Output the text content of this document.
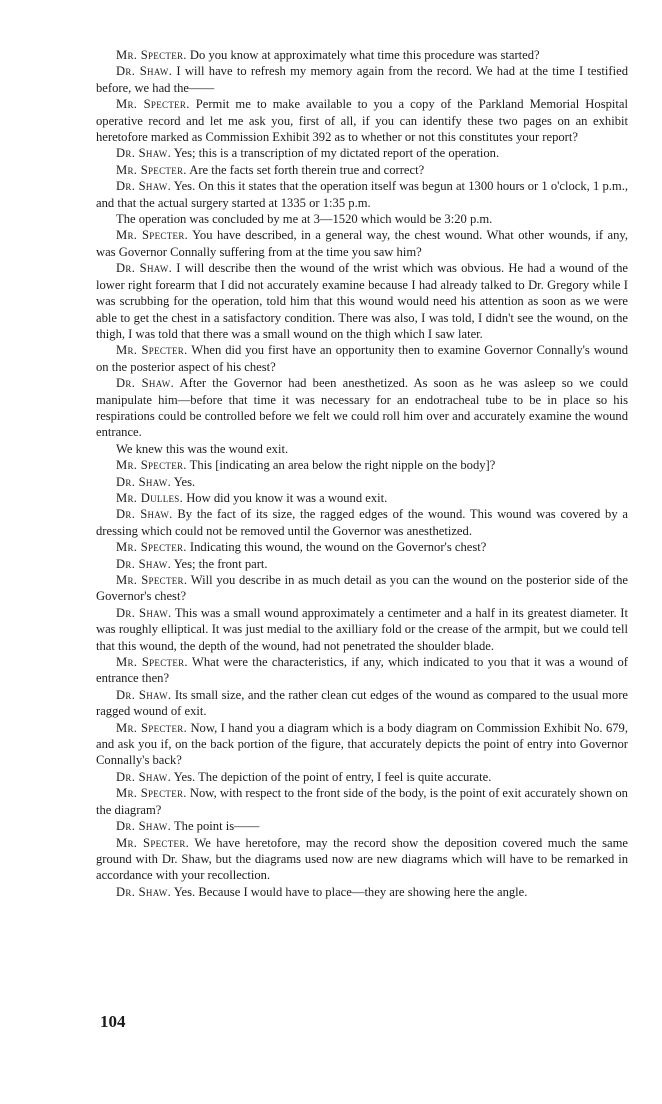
Mr. Specter. Do you know at approximately what time this procedure was started?

Dr. Shaw. I will have to refresh my memory again from the record. We had at the time I testified before, we had the——

Mr. Specter. Permit me to make available to you a copy of the Parkland Memorial Hospital operative record and let me ask you, first of all, if you can identify these two pages on an exhibit heretofore marked as Commission Exhibit 392 as to whether or not this constitutes your report?

Dr. Shaw. Yes; this is a transcription of my dictated report of the operation.

Mr. Specter. Are the facts set forth therein true and correct?

Dr. Shaw. Yes. On this it states that the operation itself was begun at 1300 hours or 1 o'clock, 1 p.m., and that the actual surgery started at 1335 or 1:35 p.m.

The operation was concluded by me at 3—1520 which would be 3:20 p.m.

Mr. Specter. You have described, in a general way, the chest wound. What other wounds, if any, was Governor Connally suffering from at the time you saw him?

Dr. Shaw. I will describe then the wound of the wrist which was obvious. He had a wound of the lower right forearm that I did not accurately examine because I had already talked to Dr. Gregory while I was scrubbing for the operation, told him that this wound would need his attention as soon as we were able to get the chest in a satisfactory condition. There was also, I was told, I didn't see the wound, on the thigh, I was told that there was a small wound on the thigh which I saw later.

Mr. Specter. When did you first have an opportunity then to examine Governor Connally's wound on the posterior aspect of his chest?

Dr. Shaw. After the Governor had been anesthetized. As soon as he was asleep so we could manipulate him—before that time it was necessary for an endotracheal tube to be in place so his respirations could be controlled before we felt we could roll him over and accurately examine the wound entrance.

We knew this was the wound exit.

Mr. Specter. This [indicating an area below the right nipple on the body]?

Dr. Shaw. Yes.

Mr. Dulles. How did you know it was a wound exit.

Dr. Shaw. By the fact of its size, the ragged edges of the wound. This wound was covered by a dressing which could not be removed until the Governor was anesthetized.

Mr. Specter. Indicating this wound, the wound on the Governor's chest?

Dr. Shaw. Yes; the front part.

Mr. Specter. Will you describe in as much detail as you can the wound on the posterior side of the Governor's chest?

Dr. Shaw. This was a small wound approximately a centimeter and a half in its greatest diameter. It was roughly elliptical. It was just medial to the axilliary fold or the crease of the armpit, but we could tell that this wound, the depth of the wound, had not penetrated the shoulder blade.

Mr. Specter. What were the characteristics, if any, which indicated to you that it was a wound of entrance then?

Dr. Shaw. Its small size, and the rather clean cut edges of the wound as compared to the usual more ragged wound of exit.

Mr. Specter. Now, I hand you a diagram which is a body diagram on Commission Exhibit No. 679, and ask you if, on the back portion of the figure, that accurately depicts the point of entry into Governor Connally's back?

Dr. Shaw. Yes. The depiction of the point of entry, I feel is quite accurate.

Mr. Specter. Now, with respect to the front side of the body, is the point of exit accurately shown on the diagram?

Dr. Shaw. The point is——

Mr. Specter. We have heretofore, may the record show the deposition covered much the same ground with Dr. Shaw, but the diagrams used now are new diagrams which will have to be remarked in accordance with your recollection.

Dr. Shaw. Yes. Because I would have to place—they are showing here the angle.

104
